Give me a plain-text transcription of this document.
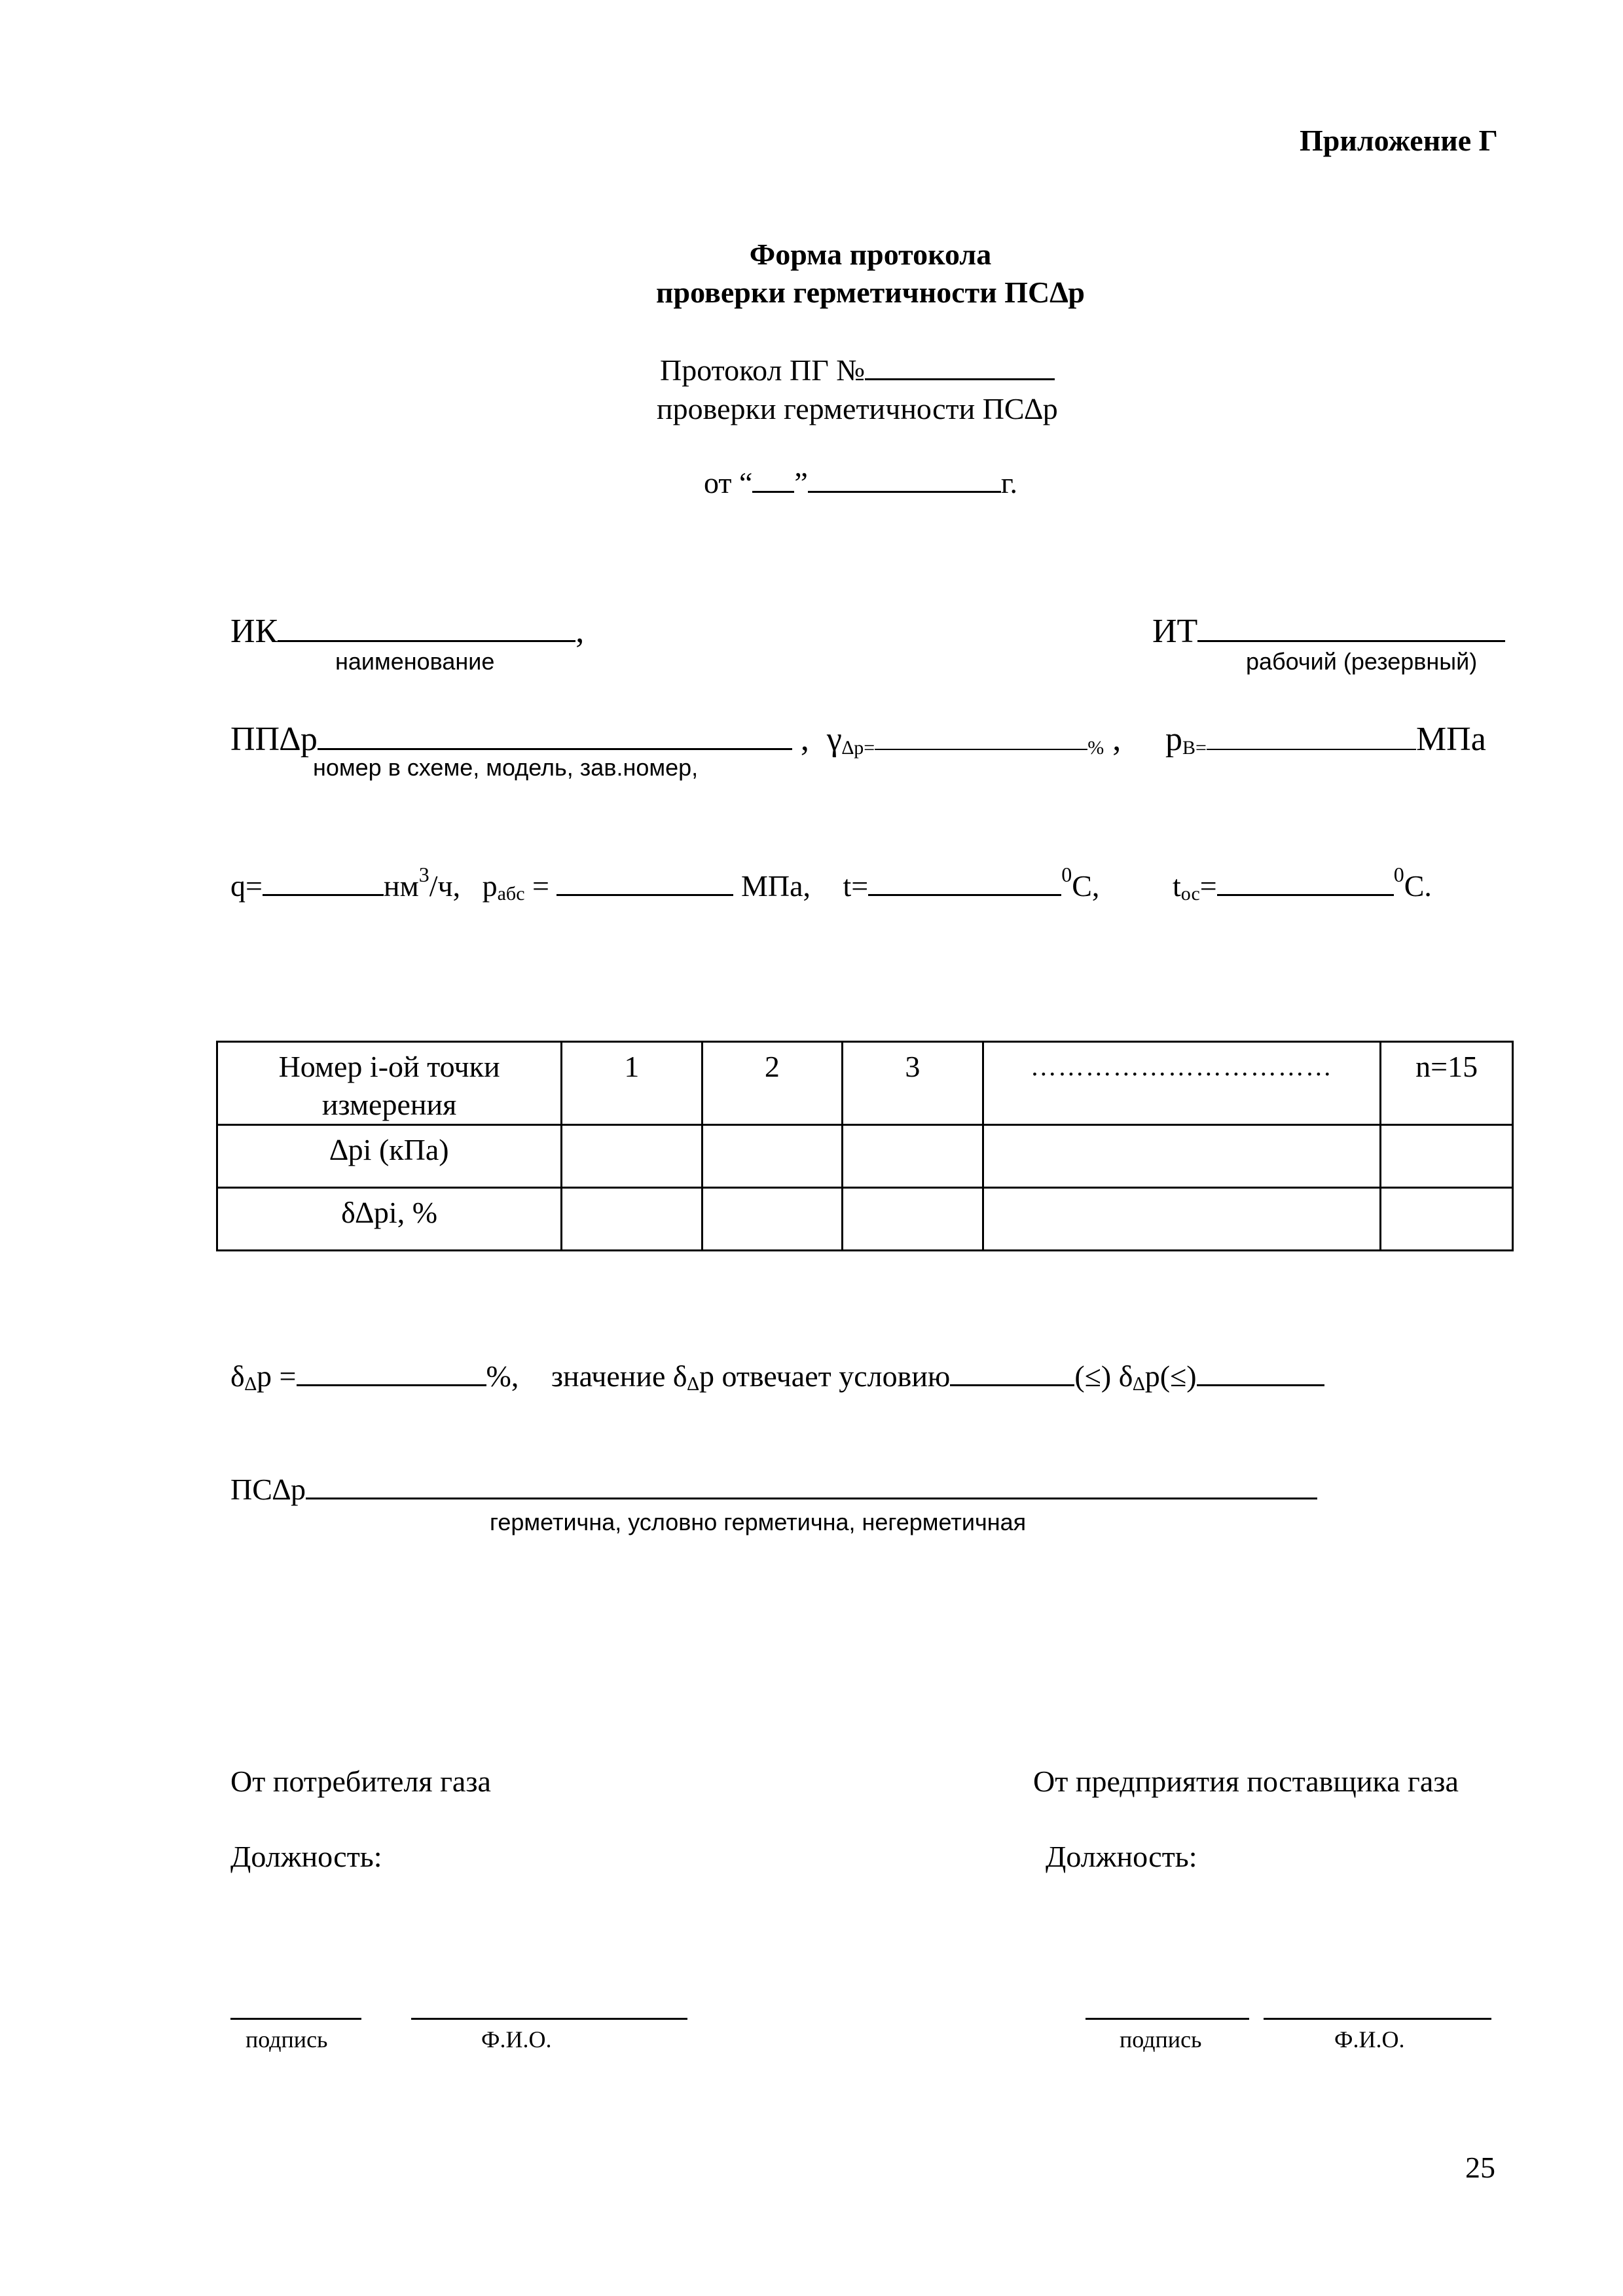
Приложение Г
Форма протокола
проверки герметичности ПС∆р
Протокол ПГ №
проверки герметичности ПС∆р
от “ ”	г.
ИК	,
наименование
ИТ
рабочий (резервный)
ПП∆р	, $\gamma_{\Delta р=}$	$_{\%}$ , $р_{В=}$	МПа
номер в схеме, модель, зав.номер,
q=	$нм^3/ч$, $р_{абс}$ =	МПа, t=	$^0$С, $t_{ос}=$	$^0$С.
Номер i-ой точки измерения	1	2	3	……………………………	n=15
∆рi (кПа)					
δ∆рi, %					
$\delta_\Delta р$ =	%, значение $\delta_\Delta р$ отвечает условию	(≤) $\delta_\Delta р(\le)$
ПС∆р
герметична, условно герметична, негерметичная
От потребителя газа	От предприятия поставщика газа
Должность:	Должность:
подпись	Ф.И.О.	подпись	Ф.И.О.
25
